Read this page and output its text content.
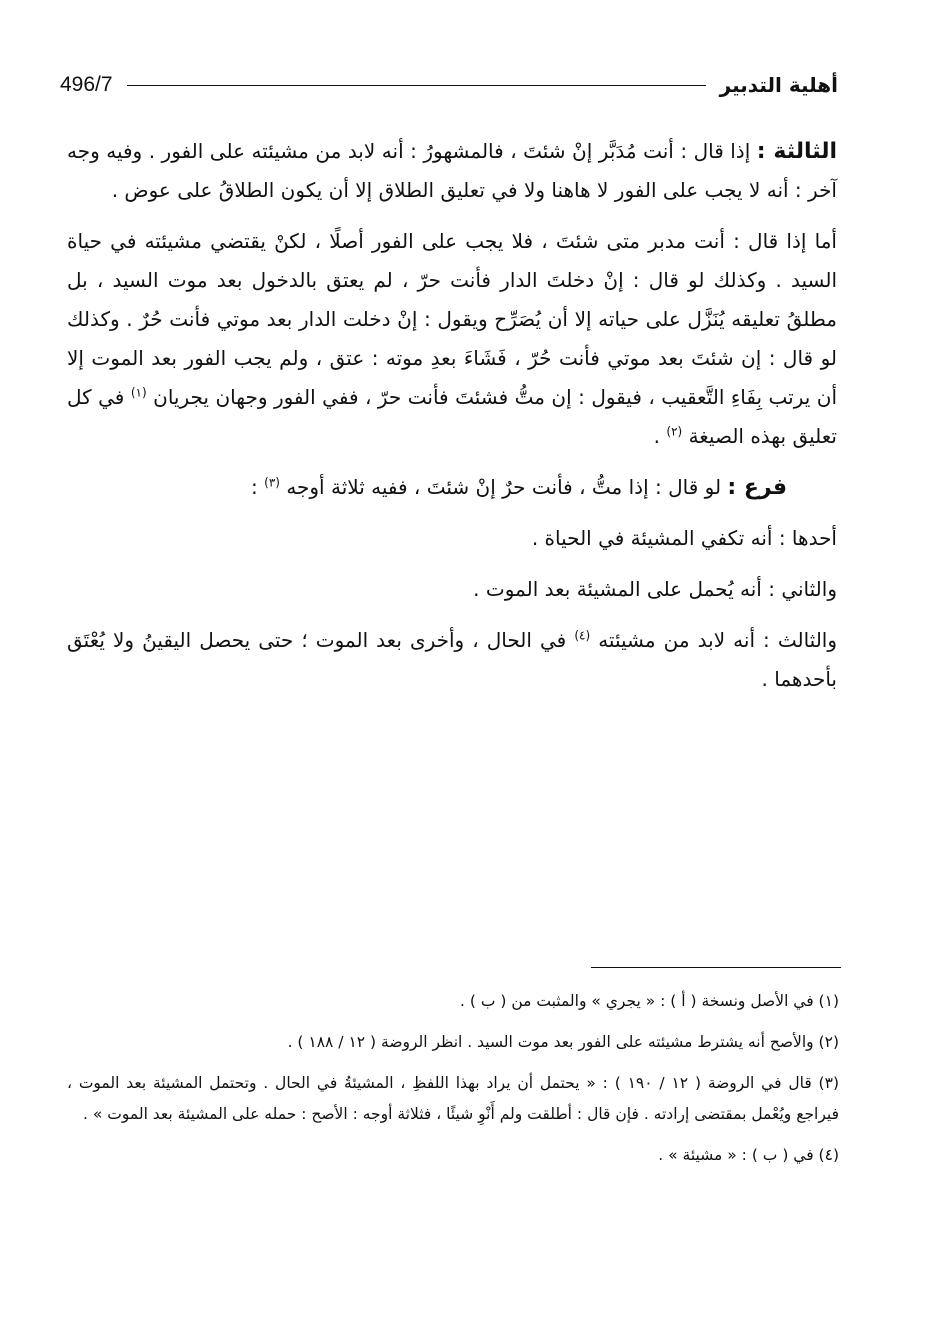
496/7	أهلية التدبير

الثالثة : إذا قال : أنت مُدَبَّر إنْ شئتَ ، فالمشهورُ : أنه لابد من مشيئته على الفور . وفيه وجه آخر : أنه لا يجب على الفور لا هاهنا ولا في تعليق الطلاق إلا أن يكون الطلاقُ على عوض .

أما إذا قال : أنت مدبر متى شئتَ ، فلا يجب على الفور أصلًا ، لكنْ يقتضي مشيئته في حياة السيد . وكذلك لو قال : إنْ دخلتَ الدار فأنت حرّ ، لم يعتق بالدخول بعد موت السيد ، بل مطلقُ تعليقه يُنَزَّل على حياته إلا أن يُصَرِّح ويقول : إنْ دخلت الدار بعد موتي فأنت حُرٌ . وكذلك لو قال : إن شئتَ بعد موتي فأنت حُرّ ، فَشَاءَ بعدِ موته : عتق ، ولم يجب الفور بعد الموت إلا أن يرتب بِفَاءِ التَّعقيب ، فيقول : إن متُّ فشئتَ فأنت حرّ ، ففي الفور وجهان يجريان $^{(١)}$ في كل تعليق بهذه الصيغة $^{(٢)}$ .

فرع : لو قال : إذا متُّ ، فأنت حرٌ إنْ شئتَ ، ففيه ثلاثة أوجه $^{(٣)}$ :

أحدها : أنه تكفي المشيئة في الحياة .

والثاني : أنه يُحمل على المشيئة بعد الموت .

والثالث : أنه لابد من مشيئته $^{(٤)}$ في الحال ، وأخرى بعد الموت ؛ حتى يحصل اليقينُ ولا يُعْتَق بأحدهما .

(١) في الأصل ونسخة ( أ ) : « يجري » والمثبت من ( ب ) .

(٢) والأصح أنه يشترط مشيئته على الفور بعد موت السيد . انظر الروضة ( ١٢ / ١٨٨ ) .

(٣) قال في الروضة ( ١٢ / ١٩٠ ) : « يحتمل أن يراد بهذا اللفظِ ، المشيئةُ في الحال . وتحتمل المشيئة بعد الموت ، فيراجع ويُعْمل بمقتضى إرادته . فإن قال : أطلقت ولم أَنْوِ شيئًا ، فثلاثة أوجه : الأصح : حمله على المشيئة بعد الموت » .

(٤) في ( ب ) : « مشيئة » .
